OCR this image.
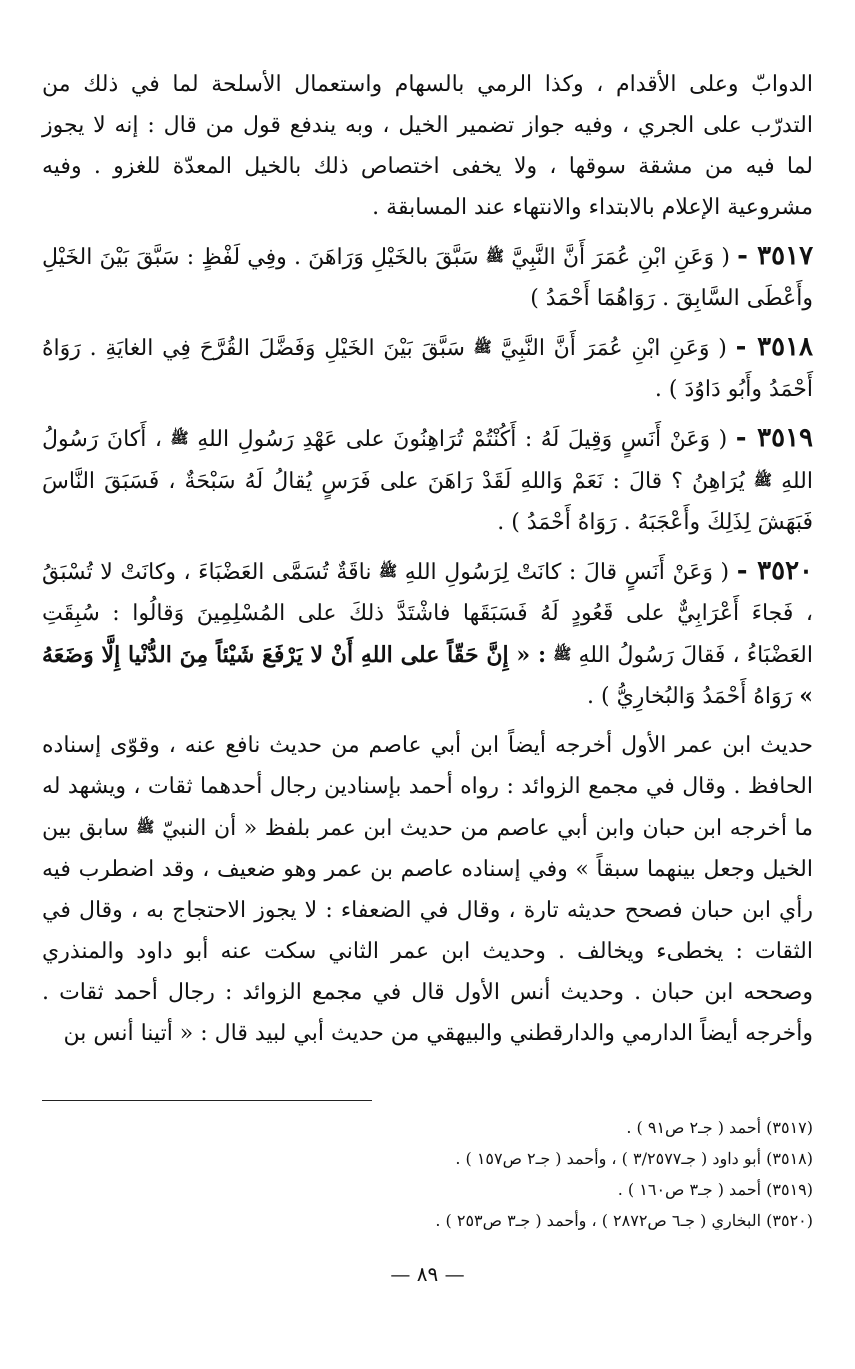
الدوابّ وعلى الأقدام ، وكذا الرمي بالسهام واستعمال الأسلحة لما في ذلك من التدرّب على الجري ، وفيه جواز تضمير الخيل ، وبه يندفع قول من قال : إنه لا يجوز لما فيه من مشقة سوقها ، ولا يخفى اختصاص ذلك بالخيل المعدّة للغزو . وفيه مشروعية الإعلام بالابتداء والانتهاء عند المسابقة .

٣٥١٧ - ( وَعَنِ ابْنِ عُمَرَ أَنَّ النَّبِيَّ ﷺ سَبَّقَ بالخَيْلِ وَرَاهَنَ . وفِي لَفْظٍ : سَبَّقَ بَيْنَ الخَيْلِ وأَعْطَى السَّابِقَ . رَوَاهُمَا أَحْمَدُ )

٣٥١٨ - ( وَعَنِ ابْنِ عُمَرَ أَنَّ النَّبِيَّ ﷺ سَبَّقَ بَيْنَ الخَيْلِ وَفَضَّلَ القُرَّحَ فِي الغايَةِ . رَوَاهُ أَحْمَدُ وأَبُو دَاوُدَ ) .

٣٥١٩ - ( وَعَنْ أَنَسٍ وَقِيلَ لَهُ : أَكُنْتُمْ تُرَاهِنُونَ على عَهْدِ رَسُولِ اللهِ ﷺ ، أَكانَ رَسُولُ اللهِ ﷺ يُرَاهِنُ ؟ قالَ : نَعَمْ وَاللهِ لَقَدْ رَاهَنَ على فَرَسٍ يُقالُ لَهُ سَبْحَةٌ ، فَسَبَقَ النَّاسَ فَبَهَشَ لِذَلِكَ وأَعْجَبَهُ . رَوَاهُ أَحْمَدُ ) .

٣٥٢٠ - ( وَعَنْ أَنَسٍ قالَ : كانَتْ لِرَسُولِ اللهِ ﷺ ناقَةٌ تُسَمَّى العَضْبَاءَ ، وكانَتْ لا تُسْبَقُ ، فَجاءَ أَعْرَابِيٌّ على قَعُودٍ لَهُ فَسَبَقَها فاشْتَدَّ ذلكَ على المُسْلِمِينَ وَقالُوا : سُبِقَتِ العَضْبَاءُ ، فَقالَ رَسُولُ اللهِ ﷺ : « إِنَّ حَقّاً على اللهِ أَنْ لا يَرْفَعَ شَيْئاً مِنَ الدُّنْيا إِلَّا وَضَعَهُ » رَوَاهُ أَحْمَدُ وَالبُخارِيُّ ) .

حديث ابن عمر الأول أخرجه أيضاً ابن أبي عاصم من حديث نافع عنه ، وقوّى إسناده الحافظ . وقال في مجمع الزوائد : رواه أحمد بإسنادين رجال أحدهما ثقات ، ويشهد له ما أخرجه ابن حبان وابن أبي عاصم من حديث ابن عمر بلفظ « أن النبيّ ﷺ سابق بين الخيل وجعل بينهما سبقاً » وفي إسناده عاصم بن عمر وهو ضعيف ، وقد اضطرب فيه رأي ابن حبان فصحح حديثه تارة ، وقال في الضعفاء : لا يجوز الاحتجاج به ، وقال في الثقات : يخطىء ويخالف . وحديث ابن عمر الثاني سكت عنه أبو داود والمنذري وصححه ابن حبان . وحديث أنس الأول قال في مجمع الزوائد : رجال أحمد ثقات . وأخرجه أيضاً الدارمي والدارقطني والبيهقي من حديث أبي لبيد قال : « أتينا أنس بن

(٣٥١٧) أحمد ( جـ٢ ص٩١ ) .

(٣٥١٨) أبو داود ( جـ٣/٢٥٧٧ ) ، وأحمد ( جـ٢ ص١٥٧ ) .

(٣٥١٩) أحمد ( جـ٣ ص١٦٠ ) .

(٣٥٢٠) البخاري ( جـ٦ ص٢٨٧٢ ) ، وأحمد ( جـ٣ ص٢٥٣ ) .

— ٨٩ —
